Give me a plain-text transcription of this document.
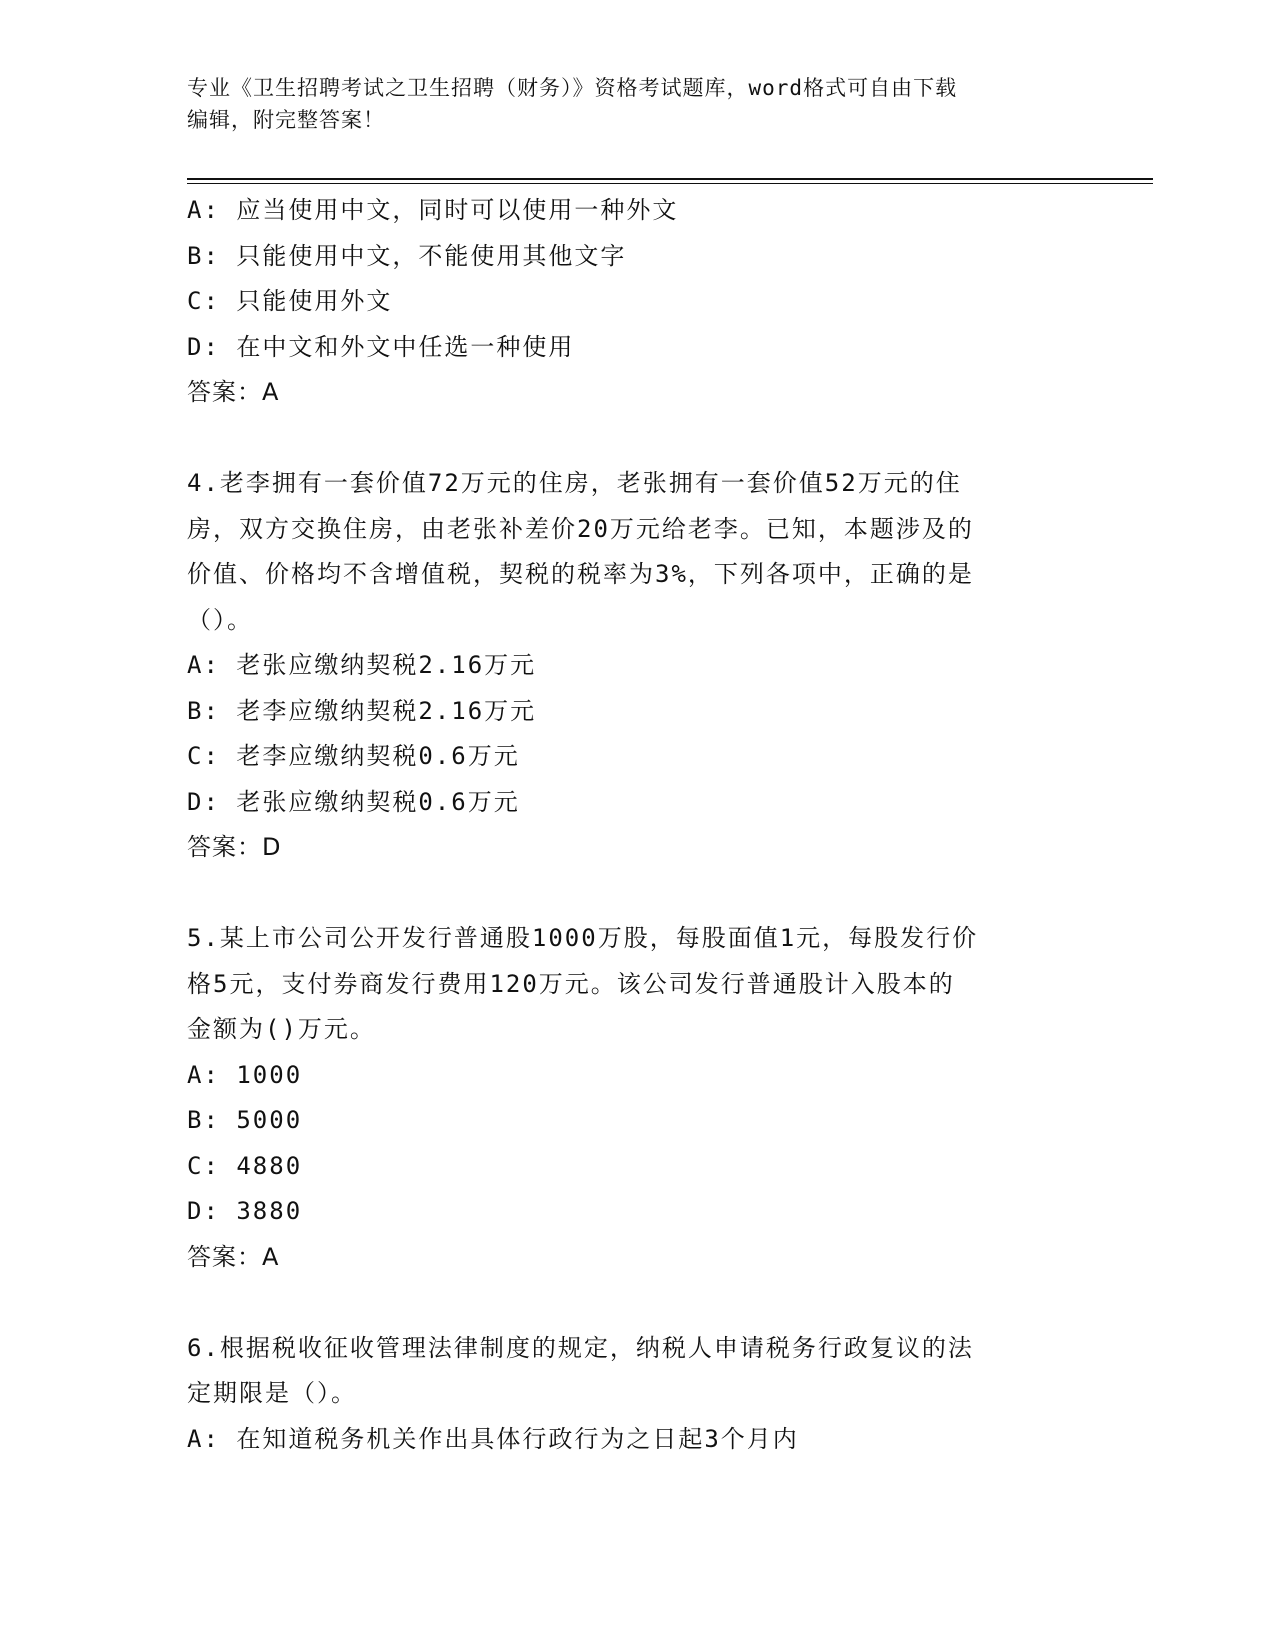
专业《卫生招聘考试之卫生招聘（财务）》资格考试题库，word格式可自由下载
编辑，附完整答案！
A: 应当使用中文，同时可以使用一种外文
B: 只能使用中文，不能使用其他文字
C: 只能使用外文
D: 在中文和外文中任选一种使用
答案：A
4.老李拥有一套价值72万元的住房，老张拥有一套价值52万元的住
房，双方交换住房，由老张补差价20万元给老李。已知，本题涉及的
价值、价格均不含增值税，契税的税率为3%，下列各项中，正确的是
（）。
A: 老张应缴纳契税2.16万元
B: 老李应缴纳契税2.16万元
C: 老李应缴纳契税0.6万元
D: 老张应缴纳契税0.6万元
答案：D
5.某上市公司公开发行普通股1000万股，每股面值1元，每股发行价
格5元，支付券商发行费用120万元。该公司发行普通股计入股本的
金额为()万元。
A: 1000
B: 5000
C: 4880
D: 3880
答案：A
6.根据税收征收管理法律制度的规定，纳税人申请税务行政复议的法
定期限是（）。
A: 在知道税务机关作出具体行政行为之日起3个月内
